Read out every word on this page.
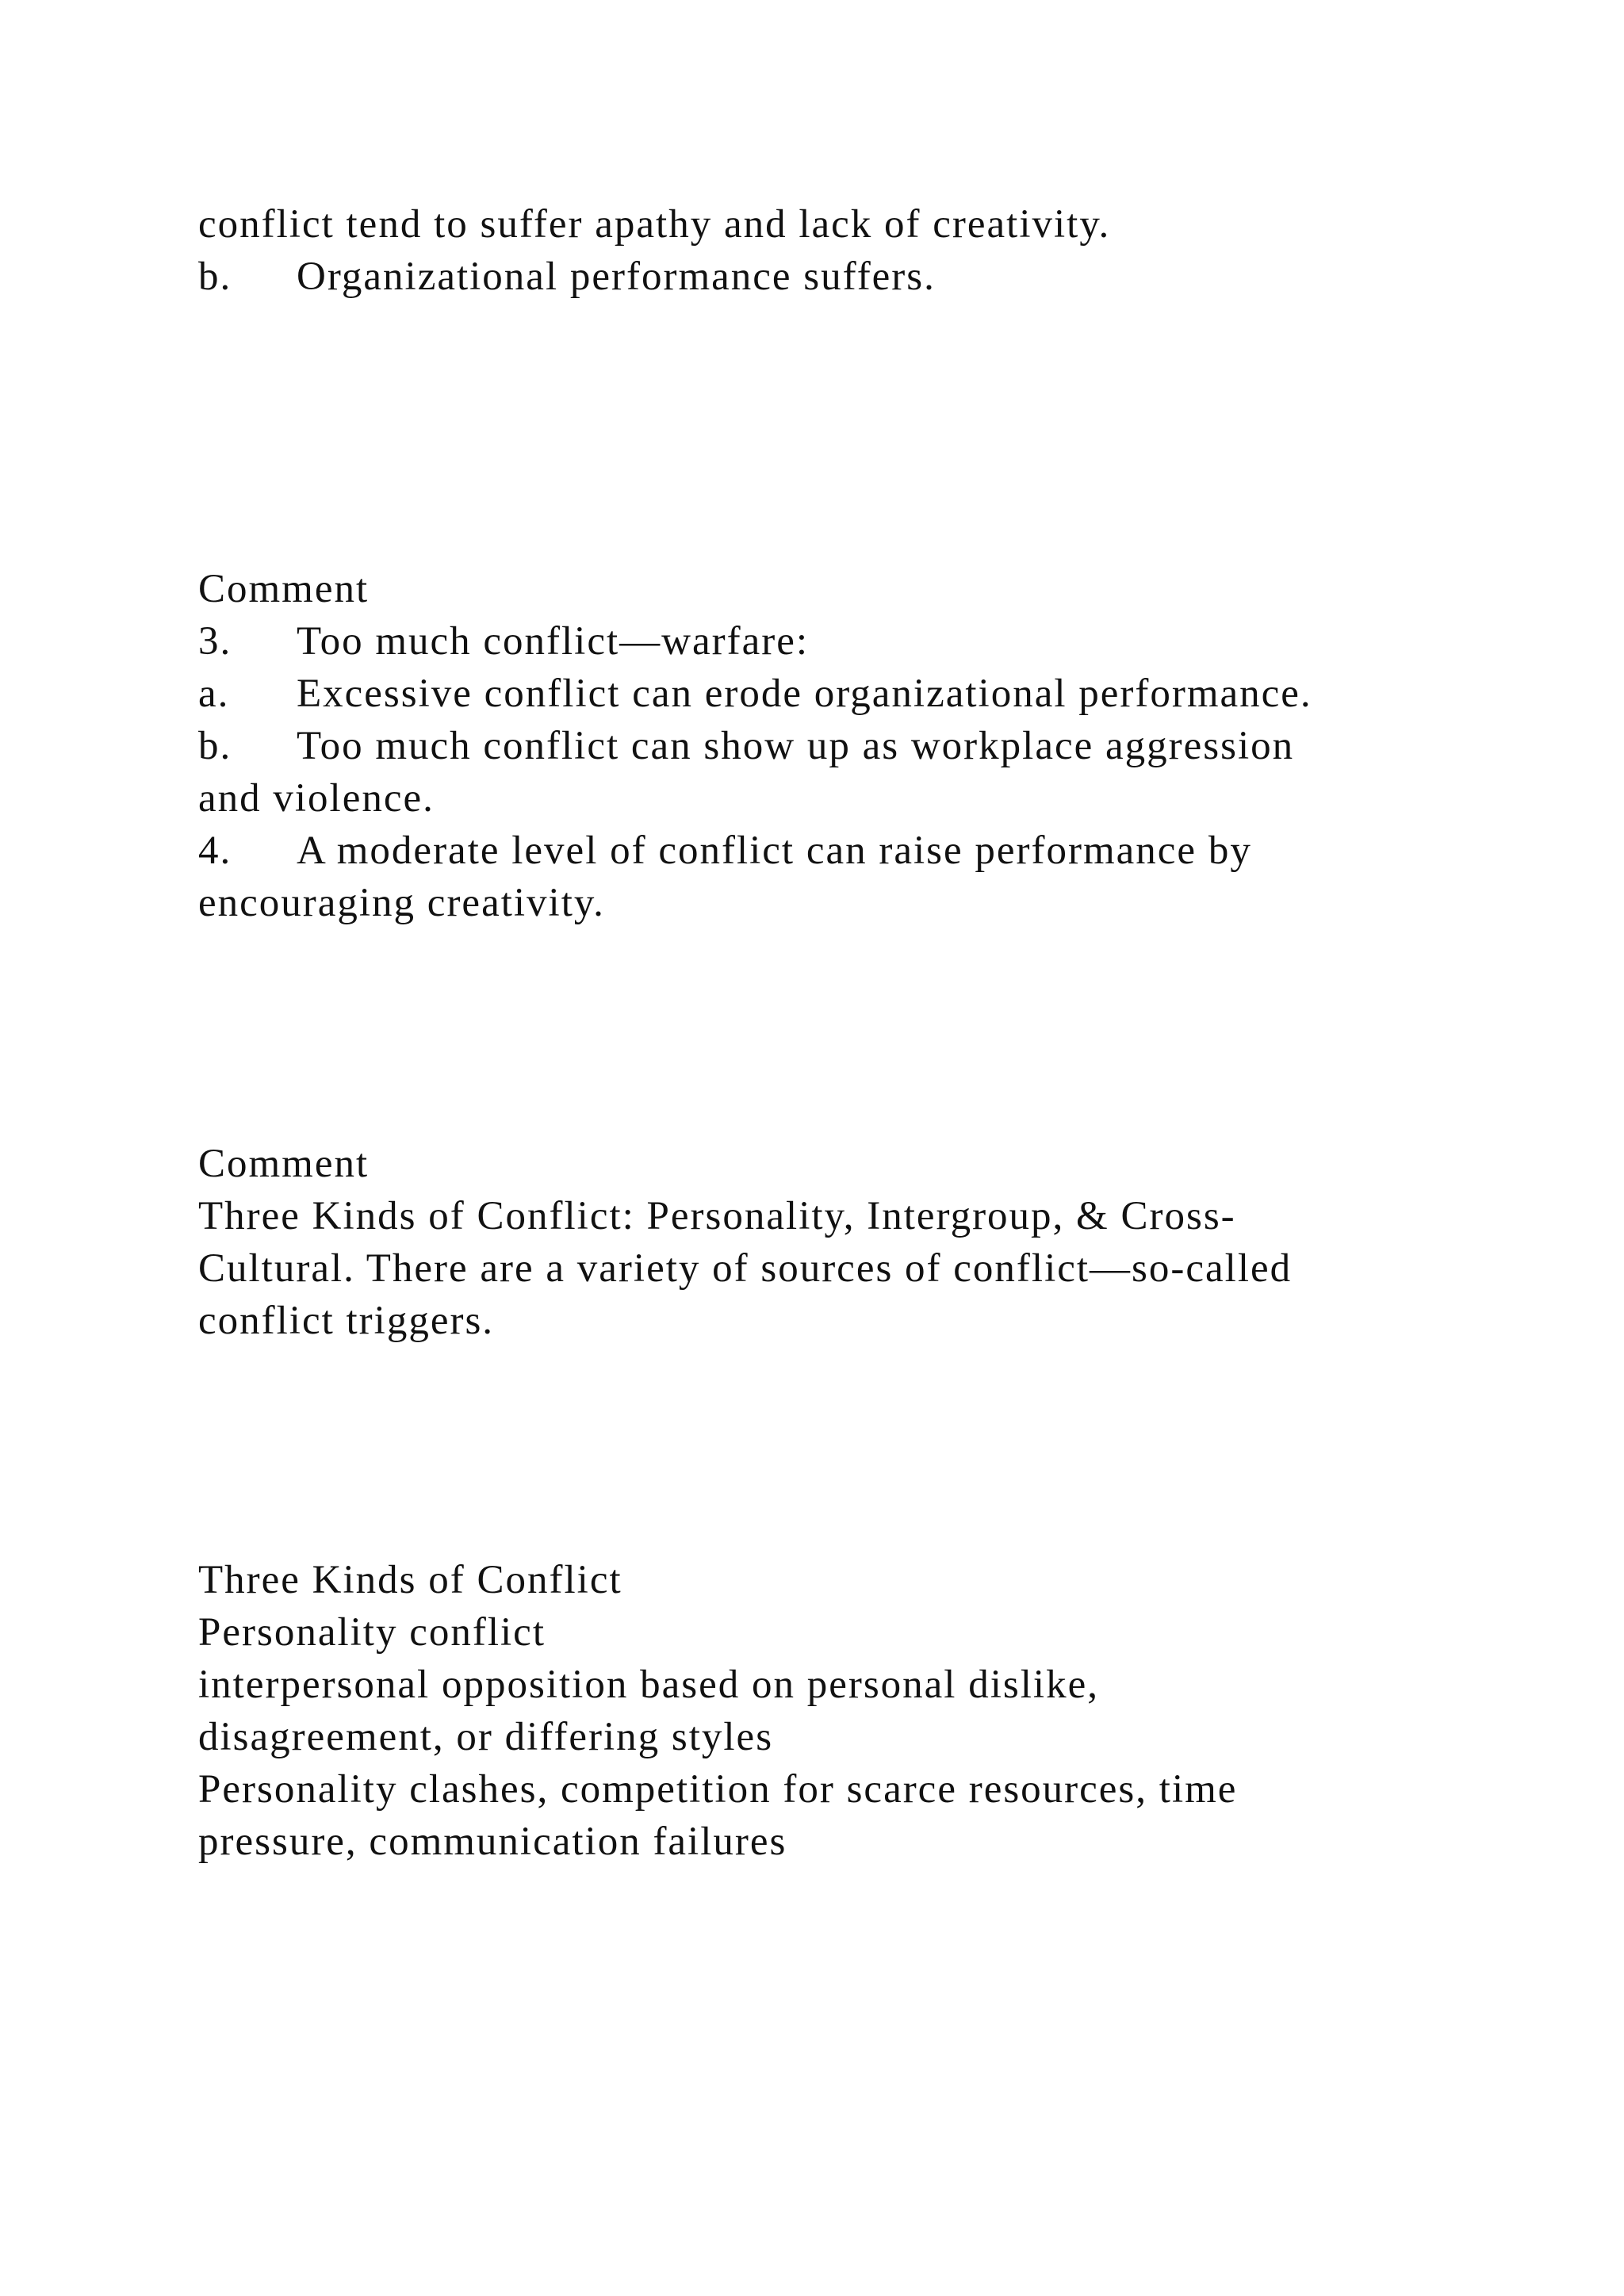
conflict tend to suffer apathy and lack of creativity.
b. Organizational performance suffers.
Comment
3. Too much conflict—warfare:
a. Excessive conflict can erode organizational performance.
b. Too much conflict can show up as workplace aggression
and violence.
4. A moderate level of conflict can raise performance by
encouraging creativity.
Comment
Three Kinds of Conflict: Personality, Intergroup, & Cross-
Cultural. There are a variety of sources of conflict—so-called
conflict triggers.
Three Kinds of Conflict
Personality conflict
interpersonal opposition based on personal dislike,
disagreement, or differing styles
Personality clashes, competition for scarce resources, time
pressure, communication failures
